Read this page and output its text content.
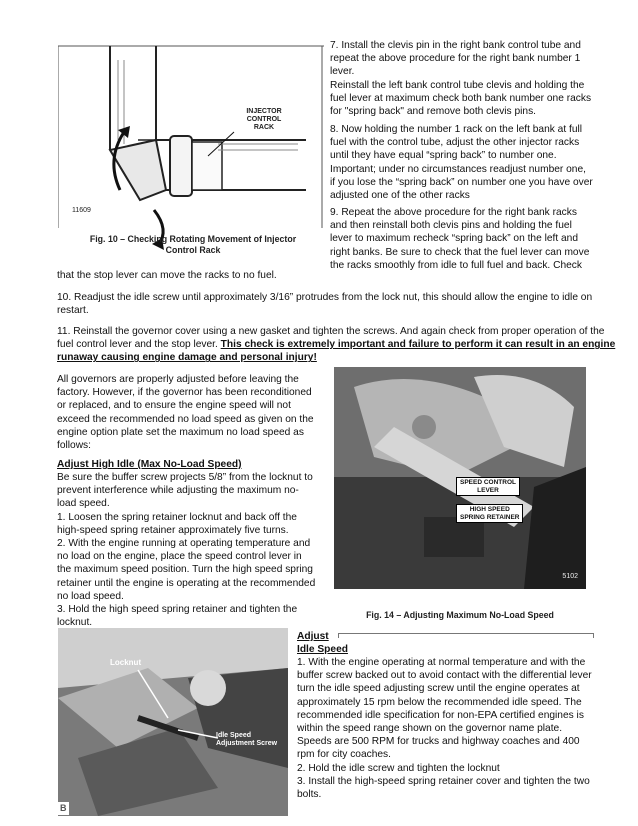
INJECTOR
CONTROL
RACK
11609
Fig. 10 – Checking Rotating Movement of Injector
Control Rack

7. Install the clevis pin in the right bank control tube and
repeat the above procedure for the right bank number 1
lever.
Reinstall the left bank control tube clevis and holding the
fuel lever at maximum check both bank number one racks
for "spring back" and remove both clevis pins.

8. Now holding the number 1 rack on the left bank at full
fuel with the control tube, adjust the other injector racks
until they have equal “spring back” to number one.
Important; under no circumstances readjust number one,
if you lose the “spring back” on number one you have over
adjusted one of the other racks

9. Repeat the above procedure for the right bank racks
and then reinstall both clevis pins and holding the fuel
lever to maximum recheck “spring back” on the left and
right banks. Be sure to check that the fuel lever can move
the racks smoothly from idle to full fuel and back. Check

that the stop lever can move the racks to no fuel.

10. Readjust the idle screw until approximately 3/16” protrudes from the lock nut, this should allow the engine to idle on restart.

11. Reinstall the governor cover using a new gasket and tighten the screws. And again check from proper operation of the fuel control lever and the stop lever. This check is extremely important and failure to perform it can result in an engine runaway causing engine damage and personal injury!

All governors are properly adjusted before leaving the
factory. However, if the governor has been reconditioned
or replaced, and to ensure the engine speed will not
exceed the recommended no load speed as given on the
engine option plate set the maximum no load speed as
follows:

Adjust High Idle (Max No-Load Speed)

Be sure the buffer screw projects 5/8” from the locknut to
prevent interference while adjusting the maximum no-
load speed.
1. Loosen the spring retainer locknut and back off the
high-speed spring retainer approximately five turns.
2. With the engine running at operating temperature and
no load on the engine, place the speed control lever in
the maximum speed position. Turn the high speed spring
retainer until the engine is operating at the recommended
no load speed.
3. Hold the high speed spring retainer and tighten the
locknut.

SPEED CONTROL
LEVER
HIGH SPEED
SPRING RETAINER
5102
Fig. 14 – Adjusting Maximum No-Load Speed
Locknut
Idle Speed
Adjustment Screw
B
Adjust
Idle Speed

1. With the engine operating at normal temperature and with the
buffer screw backed out to avoid contact with the differential lever
turn the idle speed adjusting screw until the engine operates at
approximately 15 rpm below the recommended idle speed. The
recommended idle specification for non-EPA certified engines is
within the speed range shown on the governor name plate.
Speeds are 500 RPM for trucks and highway coaches and 400
rpm for city coaches.
2. Hold the idle screw and tighten the locknut
3. Install the high-speed spring retainer cover and tighten the two
bolts.
